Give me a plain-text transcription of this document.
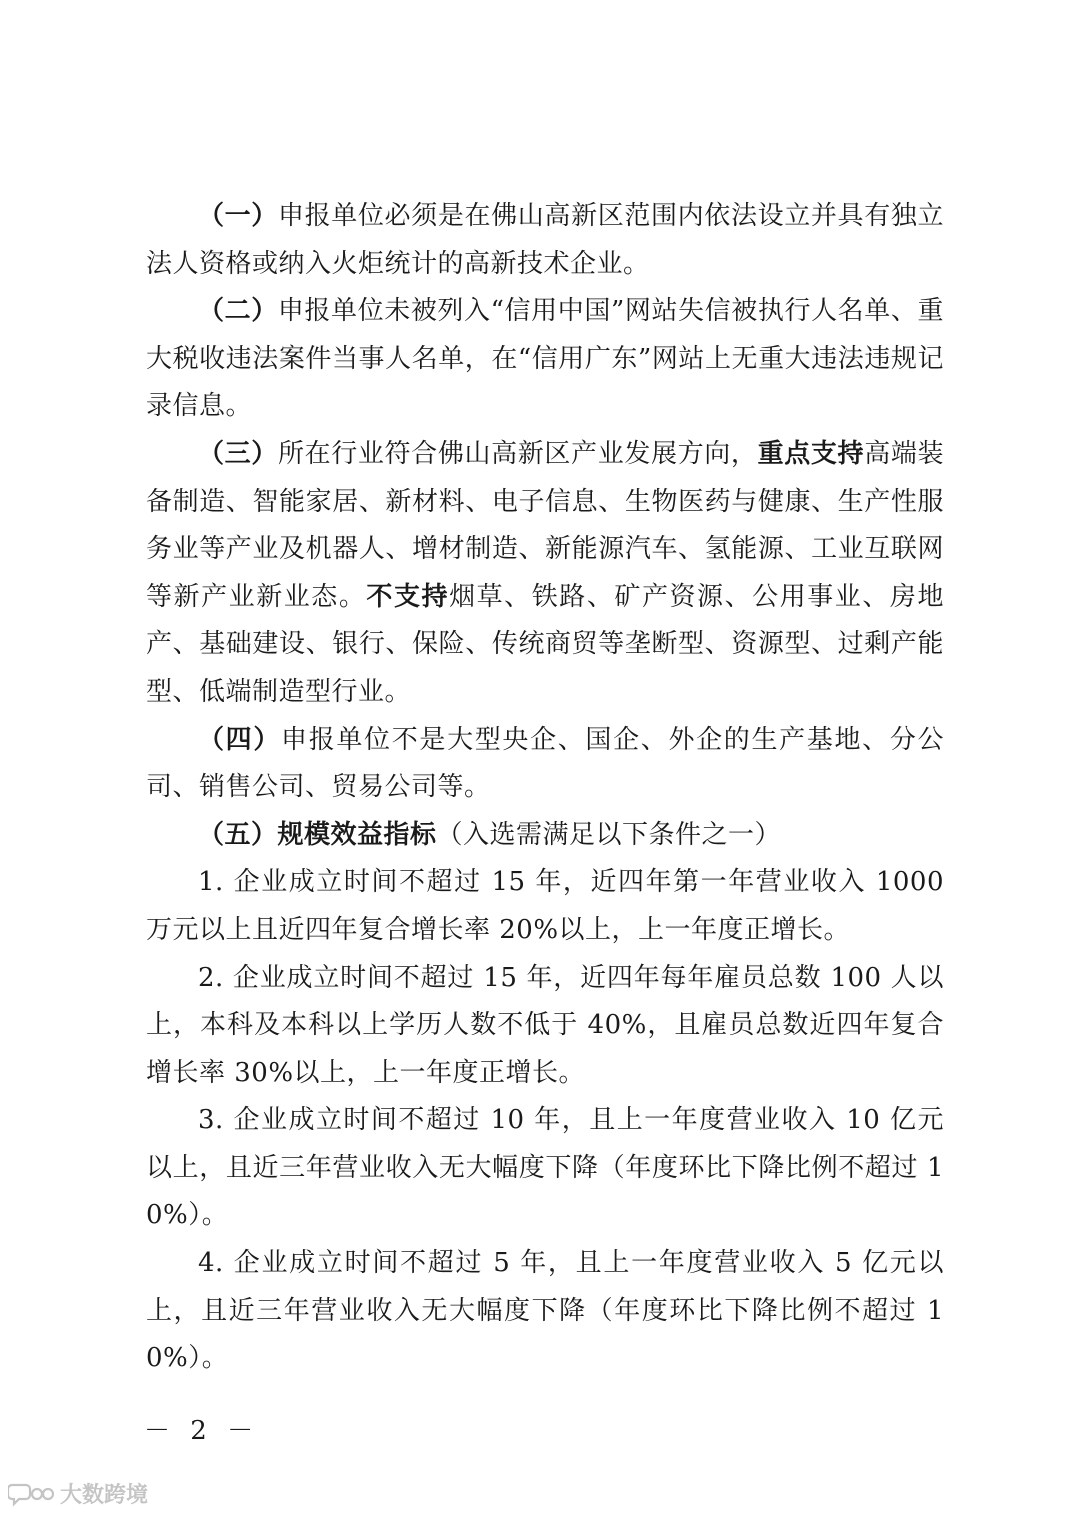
（一）申报单位必须是在佛山高新区范围内依法设立并具有独立法人资格或纳入火炬统计的高新技术企业。

（二）申报单位未被列入“信用中国”网站失信被执行人名单、重大税收违法案件当事人名单，在“信用广东”网站上无重大违法违规记录信息。

（三）所在行业符合佛山高新区产业发展方向，重点支持高端装备制造、智能家居、新材料、电子信息、生物医药与健康、生产性服务业等产业及机器人、增材制造、新能源汽车、氢能源、工业互联网等新产业新业态。不支持烟草、铁路、矿产资源、公用事业、房地产、基础建设、银行、保险、传统商贸等垄断型、资源型、过剩产能型、低端制造型行业。

（四）申报单位不是大型央企、国企、外企的生产基地、分公司、销售公司、贸易公司等。

（五）规模效益指标（入选需满足以下条件之一）

1. 企业成立时间不超过 15 年，近四年第一年营业收入 1000 万元以上且近四年复合增长率 20%以上，上一年度正增长。

2. 企业成立时间不超过 15 年，近四年每年雇员总数 100 人以上，本科及本科以上学历人数不低于 40%，且雇员总数近四年复合增长率 30%以上，上一年度正增长。

3. 企业成立时间不超过 10 年，且上一年度营业收入 10 亿元以上，且近三年营业收入无大幅度下降（年度环比下降比例不超过 10%）。

4. 企业成立时间不超过 5 年，且上一年度营业收入 5 亿元以上，且近三年营业收入无大幅度下降（年度环比下降比例不超过 10%）。

－ 2 －
大数跨境
